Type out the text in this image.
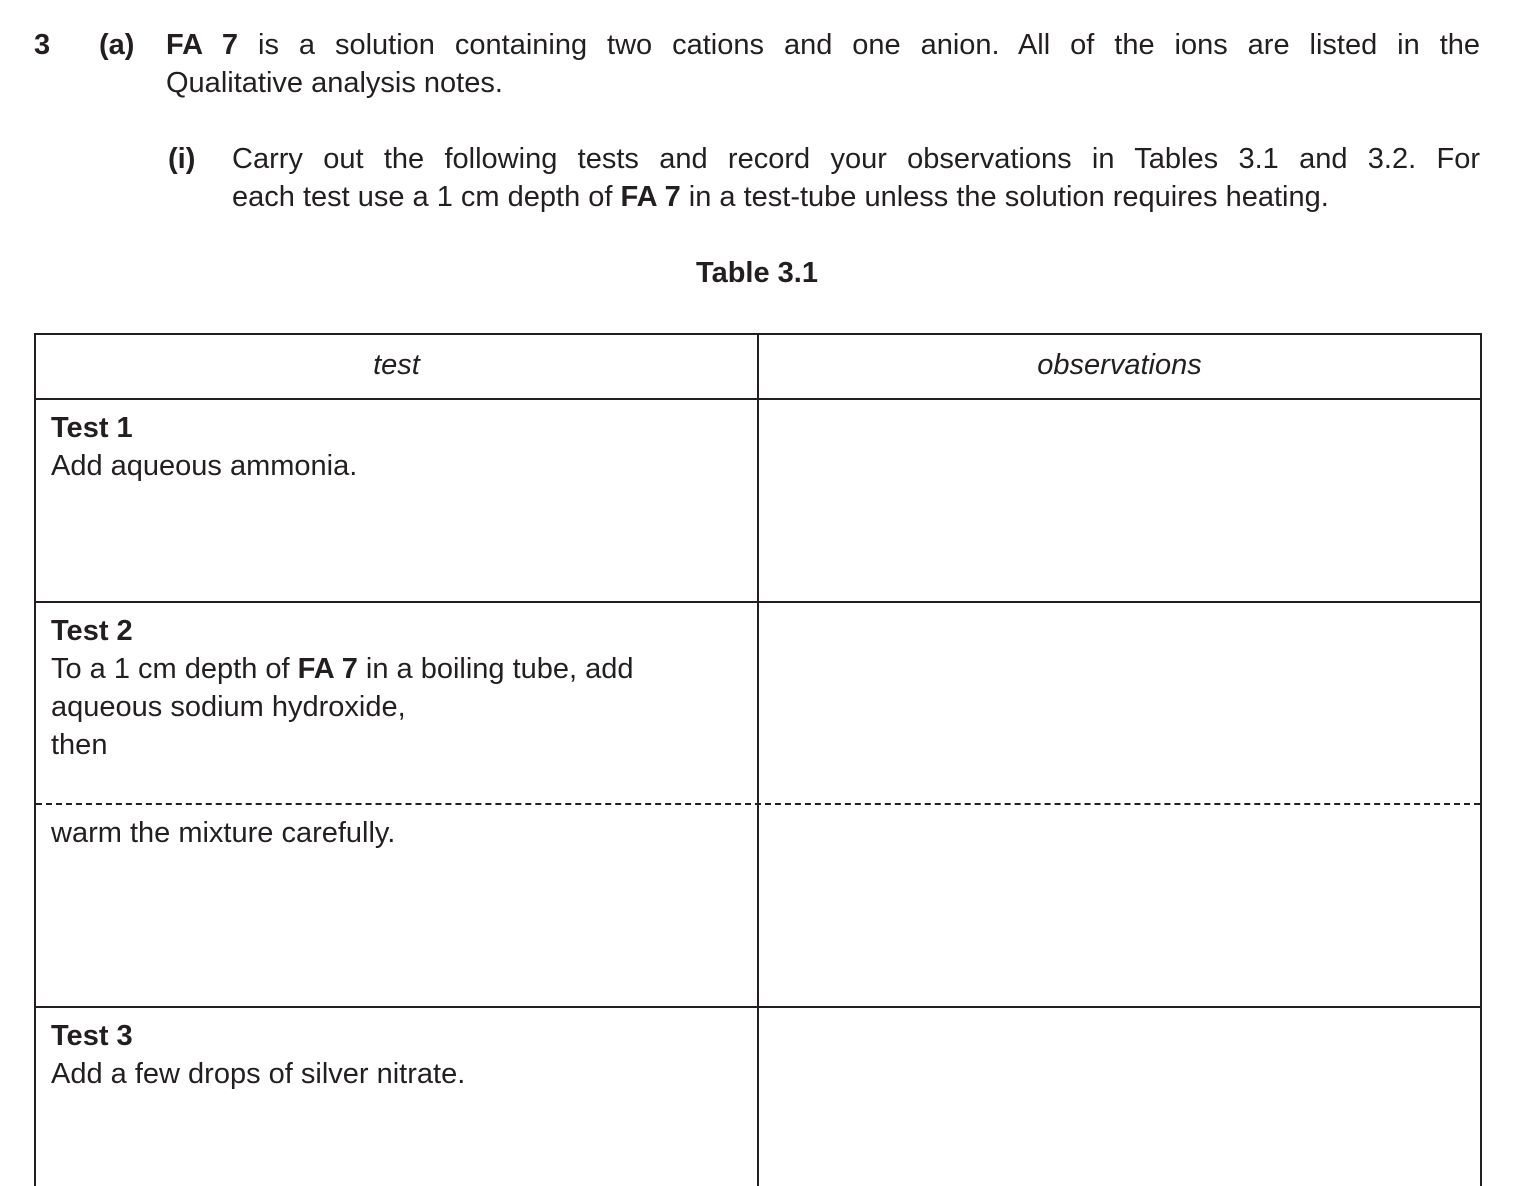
3 (a) FA 7 is a solution containing two cations and one anion. All of the ions are listed in the
Qualitative analysis notes.
(i) Carry out the following tests and record your observations in Tables 3.1 and 3.2. For
each test use a 1 cm depth of FA 7 in a test-tube unless the solution requires heating.
Table 3.1
test	observations
Test 1
Add aqueous ammonia.
Test 2
To a 1 cm depth of FA 7 in a boiling tube, add
aqueous sodium hydroxide,
then
warm the mixture carefully.
Test 3
Add a few drops of silver nitrate.
